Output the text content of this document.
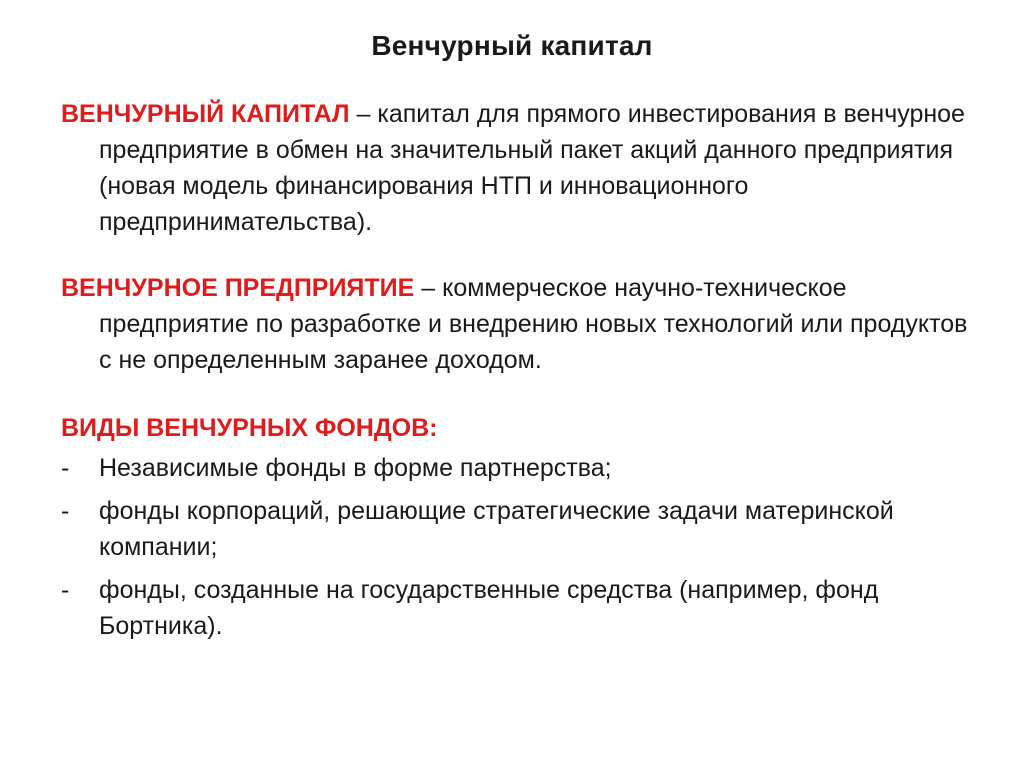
Венчурный капитал

ВЕНЧУРНЫЙ КАПИТАЛ – капитал для прямого инвестирования в венчурное предприятие в обмен на значительный пакет акций данного предприятия (новая модель финансирования НТП и инновационного предпринимательства).

ВЕНЧУРНОЕ ПРЕДПРИЯТИЕ – коммерческое научно-техническое предприятие по разработке и внедрению новых технологий или продуктов с не определенным заранее доходом.

ВИДЫ ВЕНЧУРНЫХ ФОНДОВ:
- Независимые фонды в форме партнерства;
- фонды корпораций, решающие стратегические задачи материнской компании;
- фонды, созданные на государственные средства (например, фонд Бортника).
